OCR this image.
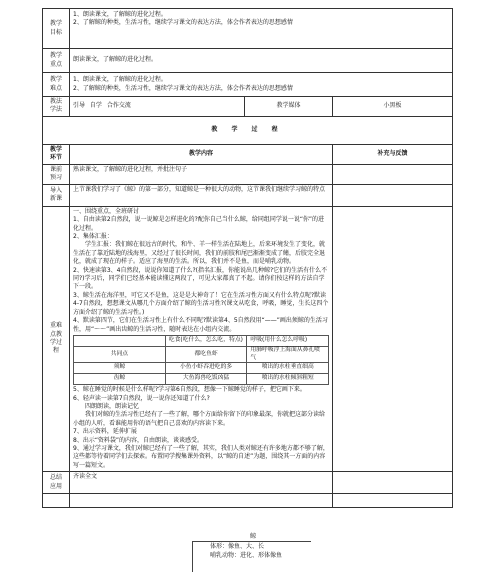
教学
目标	
1、朗读课文，了解鲸的进化过程。
2、了解鲸的种类，生活习性，继续学习课文的表达方法，体会作者表达的思想感情

教学
重点	朗读课文，了解鲸的进化过程。
教学
难点	
1、朗读课文，了解鲸的进化过程。
2、了解鲸的种类，生活习性，继续学习课文的表达方法，体会作者表达的思想感情

教法
学法	引导 自学 合作交流	教学媒体	小黑板
教 学 过 程
教学
环节	教学内容	补充与反馈
课前
预习	熟读课文，了解鲸的进化过程，并批注句子	
导入
新课	上节课我们学习了《鲸》的第一部分，知道鲸是一种很大的动物，这节课我们继续学习鲸的特点	
重难
点教
学过
程	
一、围绕重点，全班研讨
1、自由读第2自然段，说一说鲸是怎样进化的?配你自己当什么鲸，给同组同学说一说“你”的进化过程。
2、集体汇报：
学生汇报：我们鲸在很远古的时代，和牛、羊一样生活在陆地上，后来环境发生了变化，就生活在了靠近陆地的浅海里，又经过了很长时间，我们的前肢和尾巴渐渐变成了鳍，后肢完全退化，就成了现在的样子。适应了海里的生活。所以，我们并不是鱼，而是哺乳动物。
2、快速读第3、4自然段，说说你知道了什么?(指名汇报，你能说出几种鲸?它们的生活有什么不同?)学习后，同学们已经基本能读懂这两段了，可见大家都真了不起。请你们按这样的方法自学下一段。
3、鲸生活在海洋里，可它又不是鱼，这是是大神奇了！它在生活习性方面又有什么特点呢?默读4-7自然段，想想课文从哪几个方面介绍了鲸的生活习性?(课文从吃食，呼吸，睡觉，生长这四个方面介绍了鲸的生活习性。)
4、默读第四节，它们在生活习性上有什么不同呢?默读第4、5自然段用“——”画出须鲸的生活习性，用“～～”画出齿鲸的生活习性，随时表达在小组内交流。
	吃食(吃什么，怎么吃，特点)	呼吸(用什么怎么呼吸)
共同点	都吃鱼虾	用肺呼吸浮上海面从鼻孔喷气
须鲸	小鱼小虾吞进吃的多	喷出的水柱垂直细高
齿鲸	大鱼海兽吃饭凶猛	喷出的水柱倾斜粗短
5、鲸在睡觉的时候是什么样呢?学习第6自然段，想像一下鲸睡觉的样子，把它画下来。
6、轻声读一读第7自然段，说一说你还知道了什么?
四朗朗读，朗读记忆
我们对鲸的生活习性已经有了一些了解，哪个方面给你留下的印象最深，你就把这部分读给小组的人听，看谁能用你的语气把自己喜欢的内容读下来。
7、出示资料，延伸扩展
8、出示“资料袋”的内容，自由朗读，谈谈感受。
9、通过学习课文，我们对鲸已经有了一些了解，其实，我们人类对鲸还有许多地方都不够了解，这些都等待着同学们去探索。布置同学搜集课外资料，以“鲸的自述”为题，围绕其一方面的内容写一篇短文。

总结
应用	齐读全文	

鲸
体形：像鱼、大、长
哺乳动物：进化、形体像鱼
